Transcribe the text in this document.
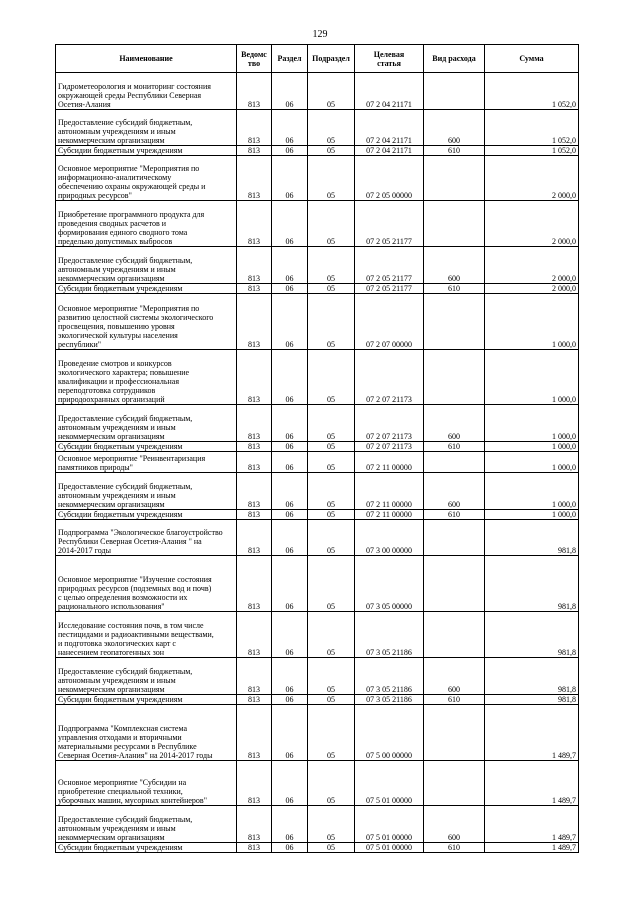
129
Наименование	Ведомс
тво	Раздел	Подраздел	Целевая
статья	Вид расхода	Сумма
Гидрометеорология и мониторинг состояния
окружающей среды Республики Северная
Осетия-Алания	813	06	05	07 2 04 21171		1 052,0
Предоставление субсидий бюджетным,
автономным учреждениям и иным
некоммерческим организациям	813	06	05	07 2 04 21171	600	1 052,0
Субсидии бюджетным учреждениям	813	06	05	07 2 04 21171	610	1 052,0
Основное мероприятие "Мероприятия по
информационно-аналитическому
обеспечению охраны окружающей среды и
природных ресурсов"	813	06	05	07 2 05 00000		2 000,0
Приобретение программного продукта для
проведения сводных расчетов и
формирования единого сводного тома
предельно допустимых выбросов	813	06	05	07 2 05 21177		2 000,0
Предоставление субсидий бюджетным,
автономным учреждениям и иным
некоммерческим организациям	813	06	05	07 2 05 21177	600	2 000,0
Субсидии бюджетным учреждениям	813	06	05	07 2 05 21177	610	2 000,0
Основное мероприятие "Мероприятия по
развитию целостной системы экологического
просвещения, повышению уровня
экологической культуры населения
республики"	813	06	05	07 2 07 00000		1 000,0
Проведение смотров и конкурсов
экологического характера; повышение
квалификации и профессиональная
переподготовка сотрудников
природоохранных организаций	813	06	05	07 2 07 21173		1 000,0
Предоставление субсидий бюджетным,
автономным учреждениям и иным
некоммерческим организациям	813	06	05	07 2 07 21173	600	1 000,0
Субсидии бюджетным учреждениям	813	06	05	07 2 07 21173	610	1 000,0
Основное мероприятие "Реинвентаризация
памятников природы"	813	06	05	07 2 11 00000		1 000,0
Предоставление субсидий бюджетным,
автономным учреждениям и иным
некоммерческим организациям	813	06	05	07 2 11 00000	600	1 000,0
Субсидии бюджетным учреждениям	813	06	05	07 2 11 00000	610	1 000,0
Подпрограмма "Экологическое благоустройство
Республики Северная Осетия-Алания " на
2014-2017 годы	813	06	05	07 3 00 00000		981,8
Основное мероприятие "Изучение состояния
природных ресурсов (подземных вод и почв)
с целью определения возможности их
рационального использования"	813	06	05	07 3 05 00000		981,8
Исследование состояния почв, в том числе
пестицидами и радиоактивными веществами,
и подготовка экологических карт с
нанесением геопатогенных зон	813	06	05	07 3 05 21186		981,8
Предоставление субсидий бюджетным,
автономным учреждениям и иным
некоммерческим организациям	813	06	05	07 3 05 21186	600	981,8
Субсидии бюджетным учреждениям	813	06	05	07 3 05 21186	610	981,8
Подпрограмма "Комплексная система
управления отходами и вторичными
материальными ресурсами в Республике
Северная Осетия-Алания" на 2014-2017 годы	813	06	05	07 5 00 00000		1 489,7
Основное мероприятие "Субсидии на
приобретение специальной техники,
уборочных машин, мусорных контейнеров"	813	06	05	07 5 01 00000		1 489,7
Предоставление субсидий бюджетным,
автономным учреждениям и иным
некоммерческим организациям	813	06	05	07 5 01 00000	600	1 489,7
Субсидии бюджетным учреждениям	813	06	05	07 5 01 00000	610	1 489,7
